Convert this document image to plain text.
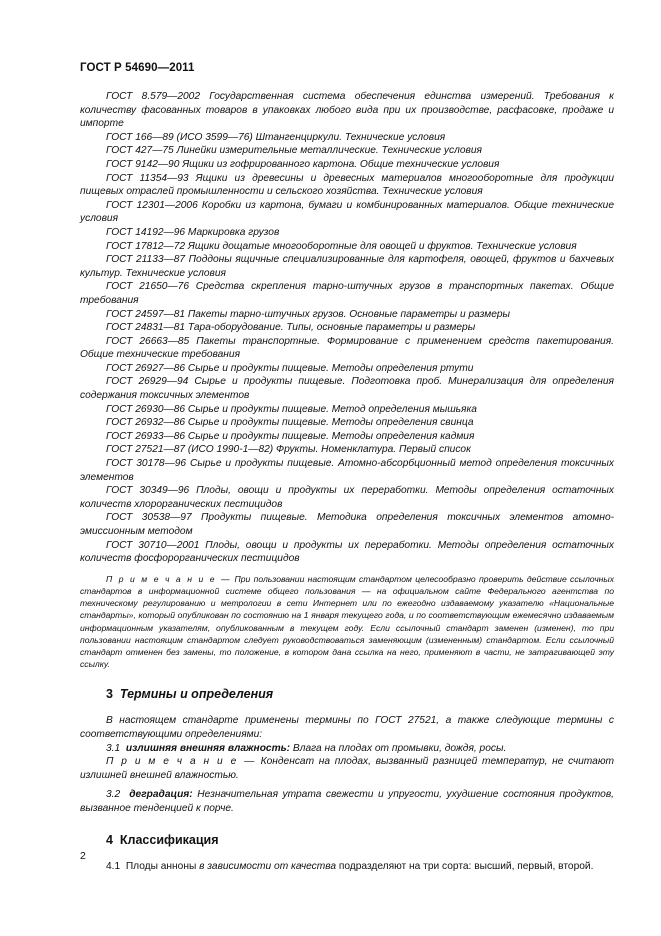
ГОСТ Р 54690—2011

ГОСТ 8.579—2002 Государственная система обеспечения единства измерений. Требования к количеству фасованных товаров в упаковках любого вида при их производстве, расфасовке, продаже и импорте

ГОСТ 166—89 (ИСО 3599—76) Штангенциркули. Технические условия

ГОСТ 427—75 Линейки измерительные металлические. Технические условия

ГОСТ 9142—90 Ящики из гофрированного картона. Общие технические условия

ГОСТ 11354—93 Ящики из древесины и древесных материалов многооборотные для продукции пищевых отраслей промышленности и сельского хозяйства. Технические условия

ГОСТ 12301—2006 Коробки из картона, бумаги и комбинированных материалов. Общие технические условия

ГОСТ 14192—96 Маркировка грузов

ГОСТ 17812—72 Ящики дощатые многооборотные для овощей и фруктов. Технические условия

ГОСТ 21133—87 Поддоны ящичные специализированные для картофеля, овощей, фруктов и бахчевых культур. Технические условия

ГОСТ 21650—76 Средства скрепления тарно-штучных грузов в транспортных пакетах. Общие требования

ГОСТ 24597—81 Пакеты тарно-штучных грузов. Основные параметры и размеры

ГОСТ 24831—81 Тара-оборудование. Типы, основные параметры и размеры

ГОСТ 26663—85 Пакеты транспортные. Формирование с применением средств пакетирования. Общие технические требования

ГОСТ 26927—86 Сырье и продукты пищевые. Методы определения ртути

ГОСТ 26929—94 Сырье и продукты пищевые. Подготовка проб. Минерализация для определения содержания токсичных элементов

ГОСТ 26930—86 Сырье и продукты пищевые. Метод определения мышьяка

ГОСТ 26932—86 Сырье и продукты пищевые. Методы определения свинца

ГОСТ 26933—86 Сырье и продукты пищевые. Методы определения кадмия

ГОСТ 27521—87 (ИСО 1990-1—82) Фрукты. Номенклатура. Первый список

ГОСТ 30178—96 Сырье и продукты пищевые. Атомно-абсорбционный метод определения токсичных элементов

ГОСТ 30349—96 Плоды, овощи и продукты их переработки. Методы определения остаточных количеств хлорорганических пестицидов

ГОСТ 30538—97 Продукты пищевые. Методика определения токсичных элементов атомно-эмиссионным методом

ГОСТ 30710—2001 Плоды, овощи и продукты их переработки. Методы определения остаточных количеств фосфорорганических пестицидов

П р и м е ч а н и е — При пользовании настоящим стандартом целесообразно проверить действие ссылочных стандартов в информационной системе общего пользования — на официальном сайте Федерального агентства по техническому регулированию и метрологии в сети Интернет или по ежегодно издаваемому указателю «Национальные стандарты», который опубликован по состоянию на 1 января текущего года, и по соответствующим ежемесячно издаваемым информационным указателям, опубликованным в текущем году. Если ссылочный стандарт заменен (изменен), то при пользовании настоящим стандартом следует руководствоваться заменяющим (измененным) стандартом. Если ссылочный стандарт отменен без замены, то положение, в котором дана ссылка на него, применяют в части, не затрагивающей эту ссылку.

3 Термины и определения

В настоящем стандарте применены термины по ГОСТ 27521, а также следующие термины с соответствующими определениями:

3.1 излишняя внешняя влажность: Влага на плодах от промывки, дождя, росы.

П р и м е ч а н и е — Конденсат на плодах, вызванный разницей температур, не считают излишней внешней влажностью.

3.2 деградация: Незначительная утрата свежести и упругости, ухудшение состояния продуктов, вызванное тенденцией к порче.

4 Классификация

4.1 Плоды анноны в зависимости от качества подразделяют на три сорта: высший, первый, второй.

2
